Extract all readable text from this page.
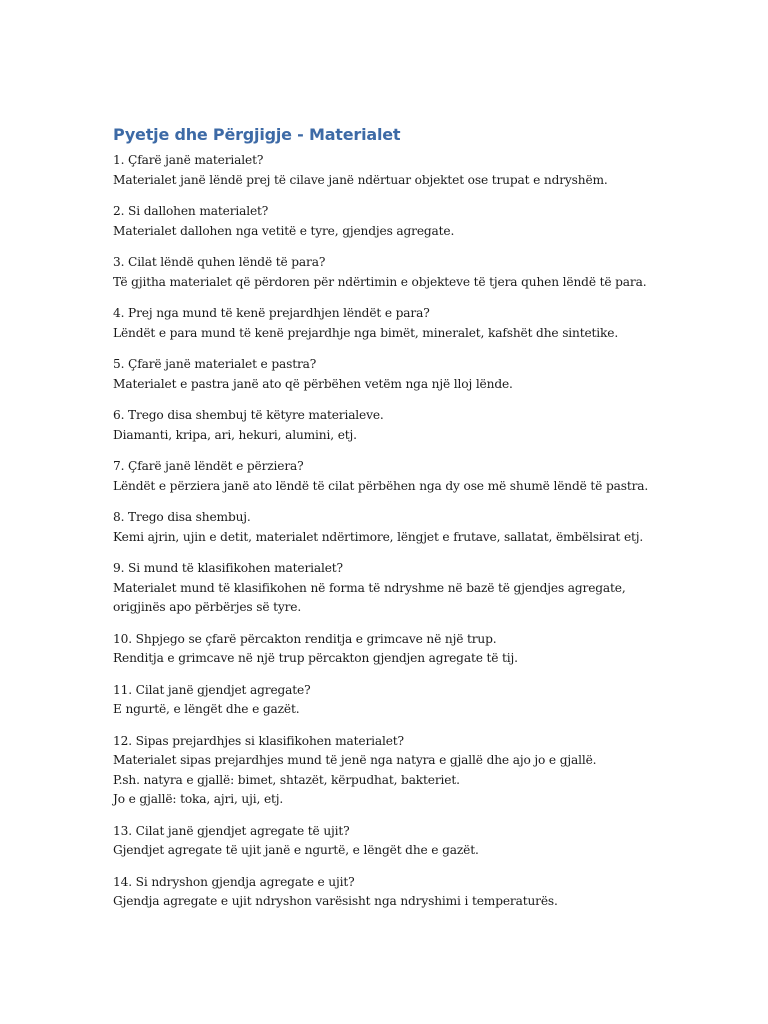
Pyetje dhe Përgjigje - Materialet
1. Çfarë janë materialet?
Materialet janë lëndë prej të cilave janë ndërtuar objektet ose trupat e ndryshëm.
2. Si dallohen materialet?
Materialet dallohen nga vetitë e tyre, gjendjes agregate.
3. Cilat lëndë quhen lëndë të para?
Të gjitha materialet që përdoren për ndërtimin e objekteve të tjera quhen lëndë të para.
4. Prej nga mund të kenë prejardhjen lëndët e para?
Lëndët e para mund të kenë prejardhje nga bimët, mineralet, kafshët dhe sintetike.
5. Çfarë janë materialet e pastra?
Materialet e pastra janë ato që përbëhen vetëm nga një lloj lënde.
6. Trego disa shembuj të këtyre materialeve.
Diamanti, kripa, ari, hekuri, alumini, etj.
7. Çfarë janë lëndët e përziera?
Lëndët e përziera janë ato lëndë të cilat përbëhen nga dy ose më shumë lëndë të pastra.
8. Trego disa shembuj.
Kemi ajrin, ujin e detit, materialet ndërtimore, lëngjet e frutave, sallatat, ëmbëlsirat etj.
9. Si mund të klasifikohen materialet?
Materialet mund të klasifikohen në forma të ndryshme në bazë të gjendjes agregate,
origjinës apo përbërjes së tyre.
10. Shpjego se çfarë përcakton renditja e grimcave në një trup.
Renditja e grimcave në një trup përcakton gjendjen agregate të tij.
11. Cilat janë gjendjet agregate?
E ngurtë, e lëngët dhe e gazët.
12. Sipas prejardhjes si klasifikohen materialet?
Materialet sipas prejardhjes mund të jenë nga natyra e gjallë dhe ajo jo e gjallë.
P.sh. natyra e gjallë: bimet, shtazët, kërpudhat, bakteriet.
Jo e gjallë: toka, ajri, uji, etj.
13. Cilat janë gjendjet agregate të ujit?
Gjendjet agregate të ujit janë e ngurtë, e lëngët dhe e gazët.
14. Si ndryshon gjendja agregate e ujit?
Gjendja agregate e ujit ndryshon varësisht nga ndryshimi i temperaturës.
